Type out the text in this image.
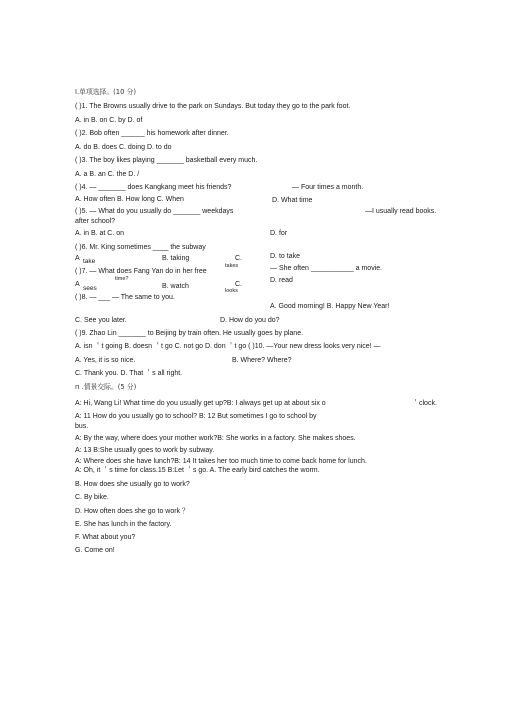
Ⅰ.单项选择。(10 分)
( )1. The Browns usually drive to the park on Sundays. But today they go to the park foot.
A. in B. on C. by D. of
( )2. Bob often ______ his homework after dinner.
A. do B. does C. doing D. to do
( )3. The boy likes playing _______ basketball every much.
A. a B. an C. the D. /
( )4. — _______ does Kangkang meet his friends?	— Four times a month.
A. How often B. How long C. When	D. What time
( )5. — What do you usually do _______ weekdays	—I usually read books.
after school?
A. in B. at C. on	D. for
( )6. Mr. King sometimes ____ the subway
A take	B. taking	C.
takes
D. to take
( )7. — What does Fang Yan do in her free
time?
— She often ___________ a movie.
A
sees	B. watch	C.
looks
D. read
( )8. — ___ — The same to you.
A. Good morning! B. Happy New Year!
C. See you later.	D. How do you do?
( )9. Zhao Lin _______ to Beijing by train often. He usually goes by plane.
A. isn ＇t going B. doesn ＇t go C. not go D. don ＇t go ( )10. —Your new dress looks very nice! —
A. Yes, it is so nice.	B. Where? Where?
C. Thank you. D. That ＇s all right.
п .情景交际。(5 分)
A: Hi, Wang Li! What time do you usually get up?B: I always get up at about six o	＇clock.
A: 11 How do you usually go to school? B: 12 But sometimes I go to school by
bus.
A: By the way, where does your mother work?B: She works in a factory. She makes shoes.
A: 13 B:She usually goes to work by subway.
A: Where does she have lunch?B: 14 It takes her too much time to come back home for lunch.
A: Oh, it ＇s time for class.15 B:Let ＇s go. A. The early bird catches the worm.
B. How does she usually go to work?
C. By bike.
D. How often does she go to work ？
E. She has lunch in the factory.
F. What about you?
G. Come on!
